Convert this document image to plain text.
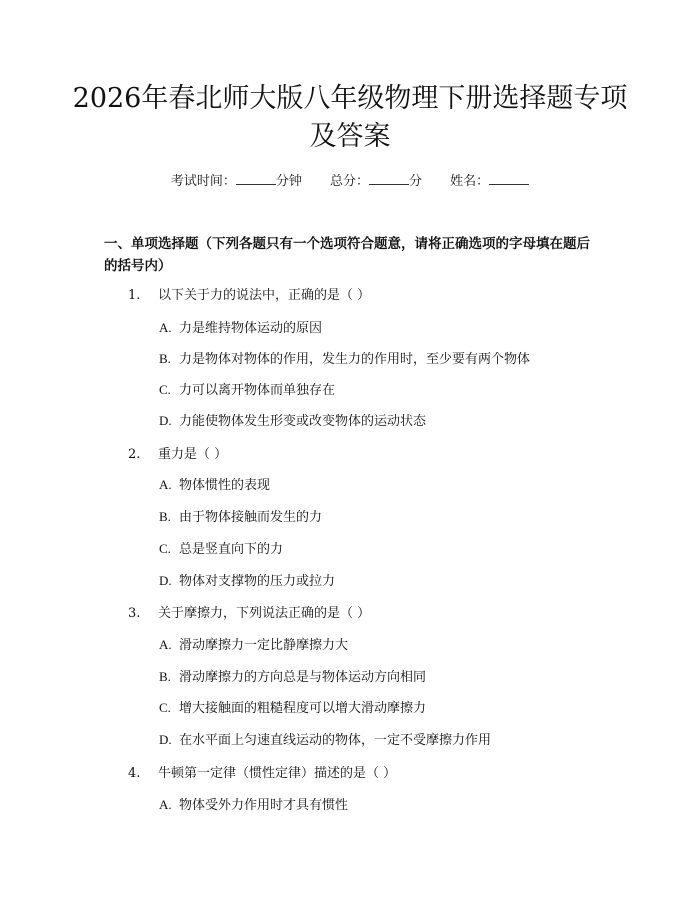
2026年春北师大版八年级物理下册选择题专项及答案
考试时间：	分钟 总分：	分 姓名：
一、单项选择题（下列各题只有一个选项符合题意，请将正确选项的字母填在题后的括号内）
1. 以下关于力的说法中，正确的是（ ）
A. 力是维持物体运动的原因
B. 力是物体对物体的作用，发生力的作用时，至少要有两个物体
C. 力可以离开物体而单独存在
D. 力能使物体发生形变或改变物体的运动状态
2. 重力是（ ）
A. 物体惯性的表现
B. 由于物体接触而发生的力
C. 总是竖直向下的力
D. 物体对支撑物的压力或拉力
3. 关于摩擦力，下列说法正确的是（ ）
A. 滑动摩擦力一定比静摩擦力大
B. 滑动摩擦力的方向总是与物体运动方向相同
C. 增大接触面的粗糙程度可以增大滑动摩擦力
D. 在水平面上匀速直线运动的物体，一定不受摩擦力作用
4. 牛顿第一定律（惯性定律）描述的是（ ）
A. 物体受外力作用时才具有惯性
